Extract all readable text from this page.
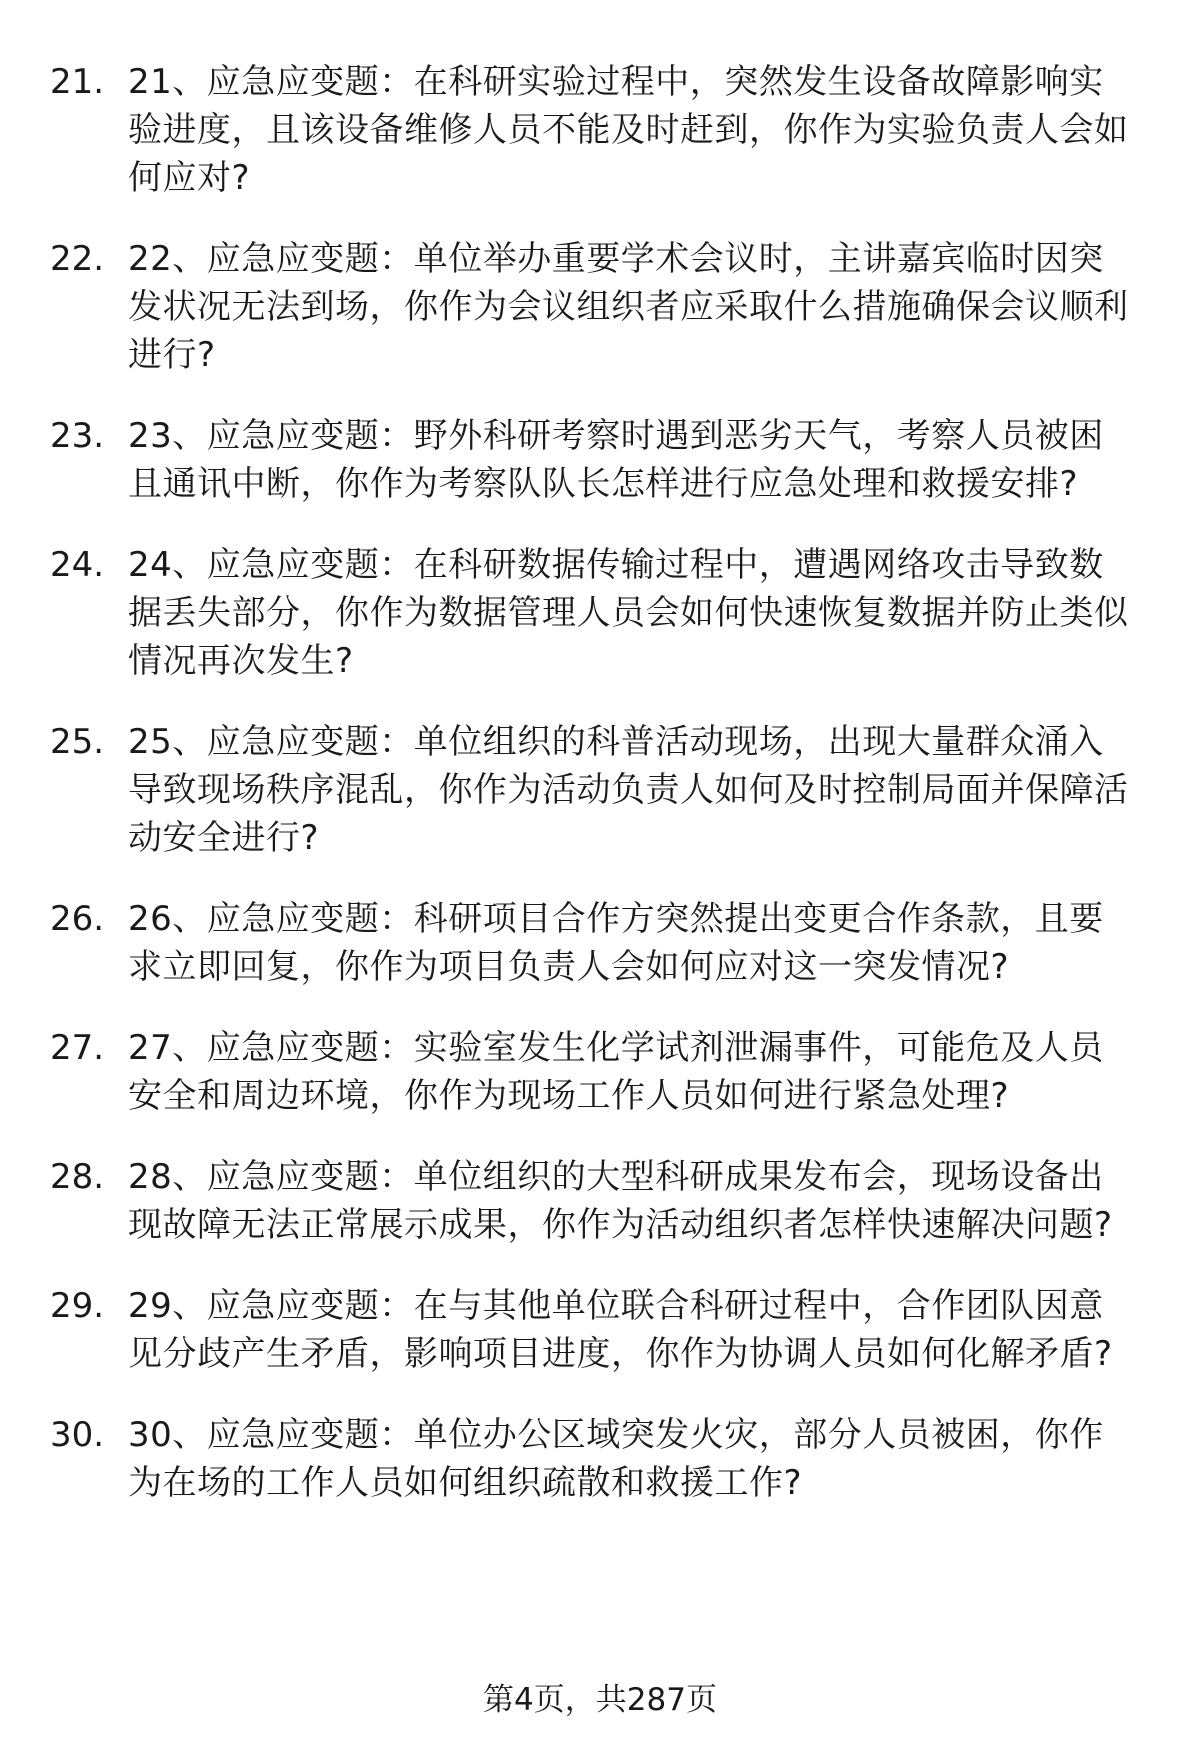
21. 21、应急应变题：在科研实验过程中，突然发生设备故障影响实验进度，且该设备维修人员不能及时赶到，你作为实验负责人会如何应对?
22. 22、应急应变题：单位举办重要学术会议时，主讲嘉宾临时因突发状况无法到场，你作为会议组织者应采取什么措施确保会议顺利进行?
23. 23、应急应变题：野外科研考察时遇到恶劣天气，考察人员被困且通讯中断，你作为考察队队长怎样进行应急处理和救援安排?
24. 24、应急应变题：在科研数据传输过程中，遭遇网络攻击导致数据丢失部分，你作为数据管理人员会如何快速恢复数据并防止类似情况再次发生?
25. 25、应急应变题：单位组织的科普活动现场，出现大量群众涌入导致现场秩序混乱，你作为活动负责人如何及时控制局面并保障活动安全进行?
26. 26、应急应变题：科研项目合作方突然提出变更合作条款，且要求立即回复，你作为项目负责人会如何应对这一突发情况?
27. 27、应急应变题：实验室发生化学试剂泄漏事件，可能危及人员安全和周边环境，你作为现场工作人员如何进行紧急处理?
28. 28、应急应变题：单位组织的大型科研成果发布会，现场设备出现故障无法正常展示成果，你作为活动组织者怎样快速解决问题?
29. 29、应急应变题：在与其他单位联合科研过程中，合作团队因意见分歧产生矛盾，影响项目进度，你作为协调人员如何化解矛盾?
30. 30、应急应变题：单位办公区域突发火灾，部分人员被困，你作为在场的工作人员如何组织疏散和救援工作?
第4页，共287页
